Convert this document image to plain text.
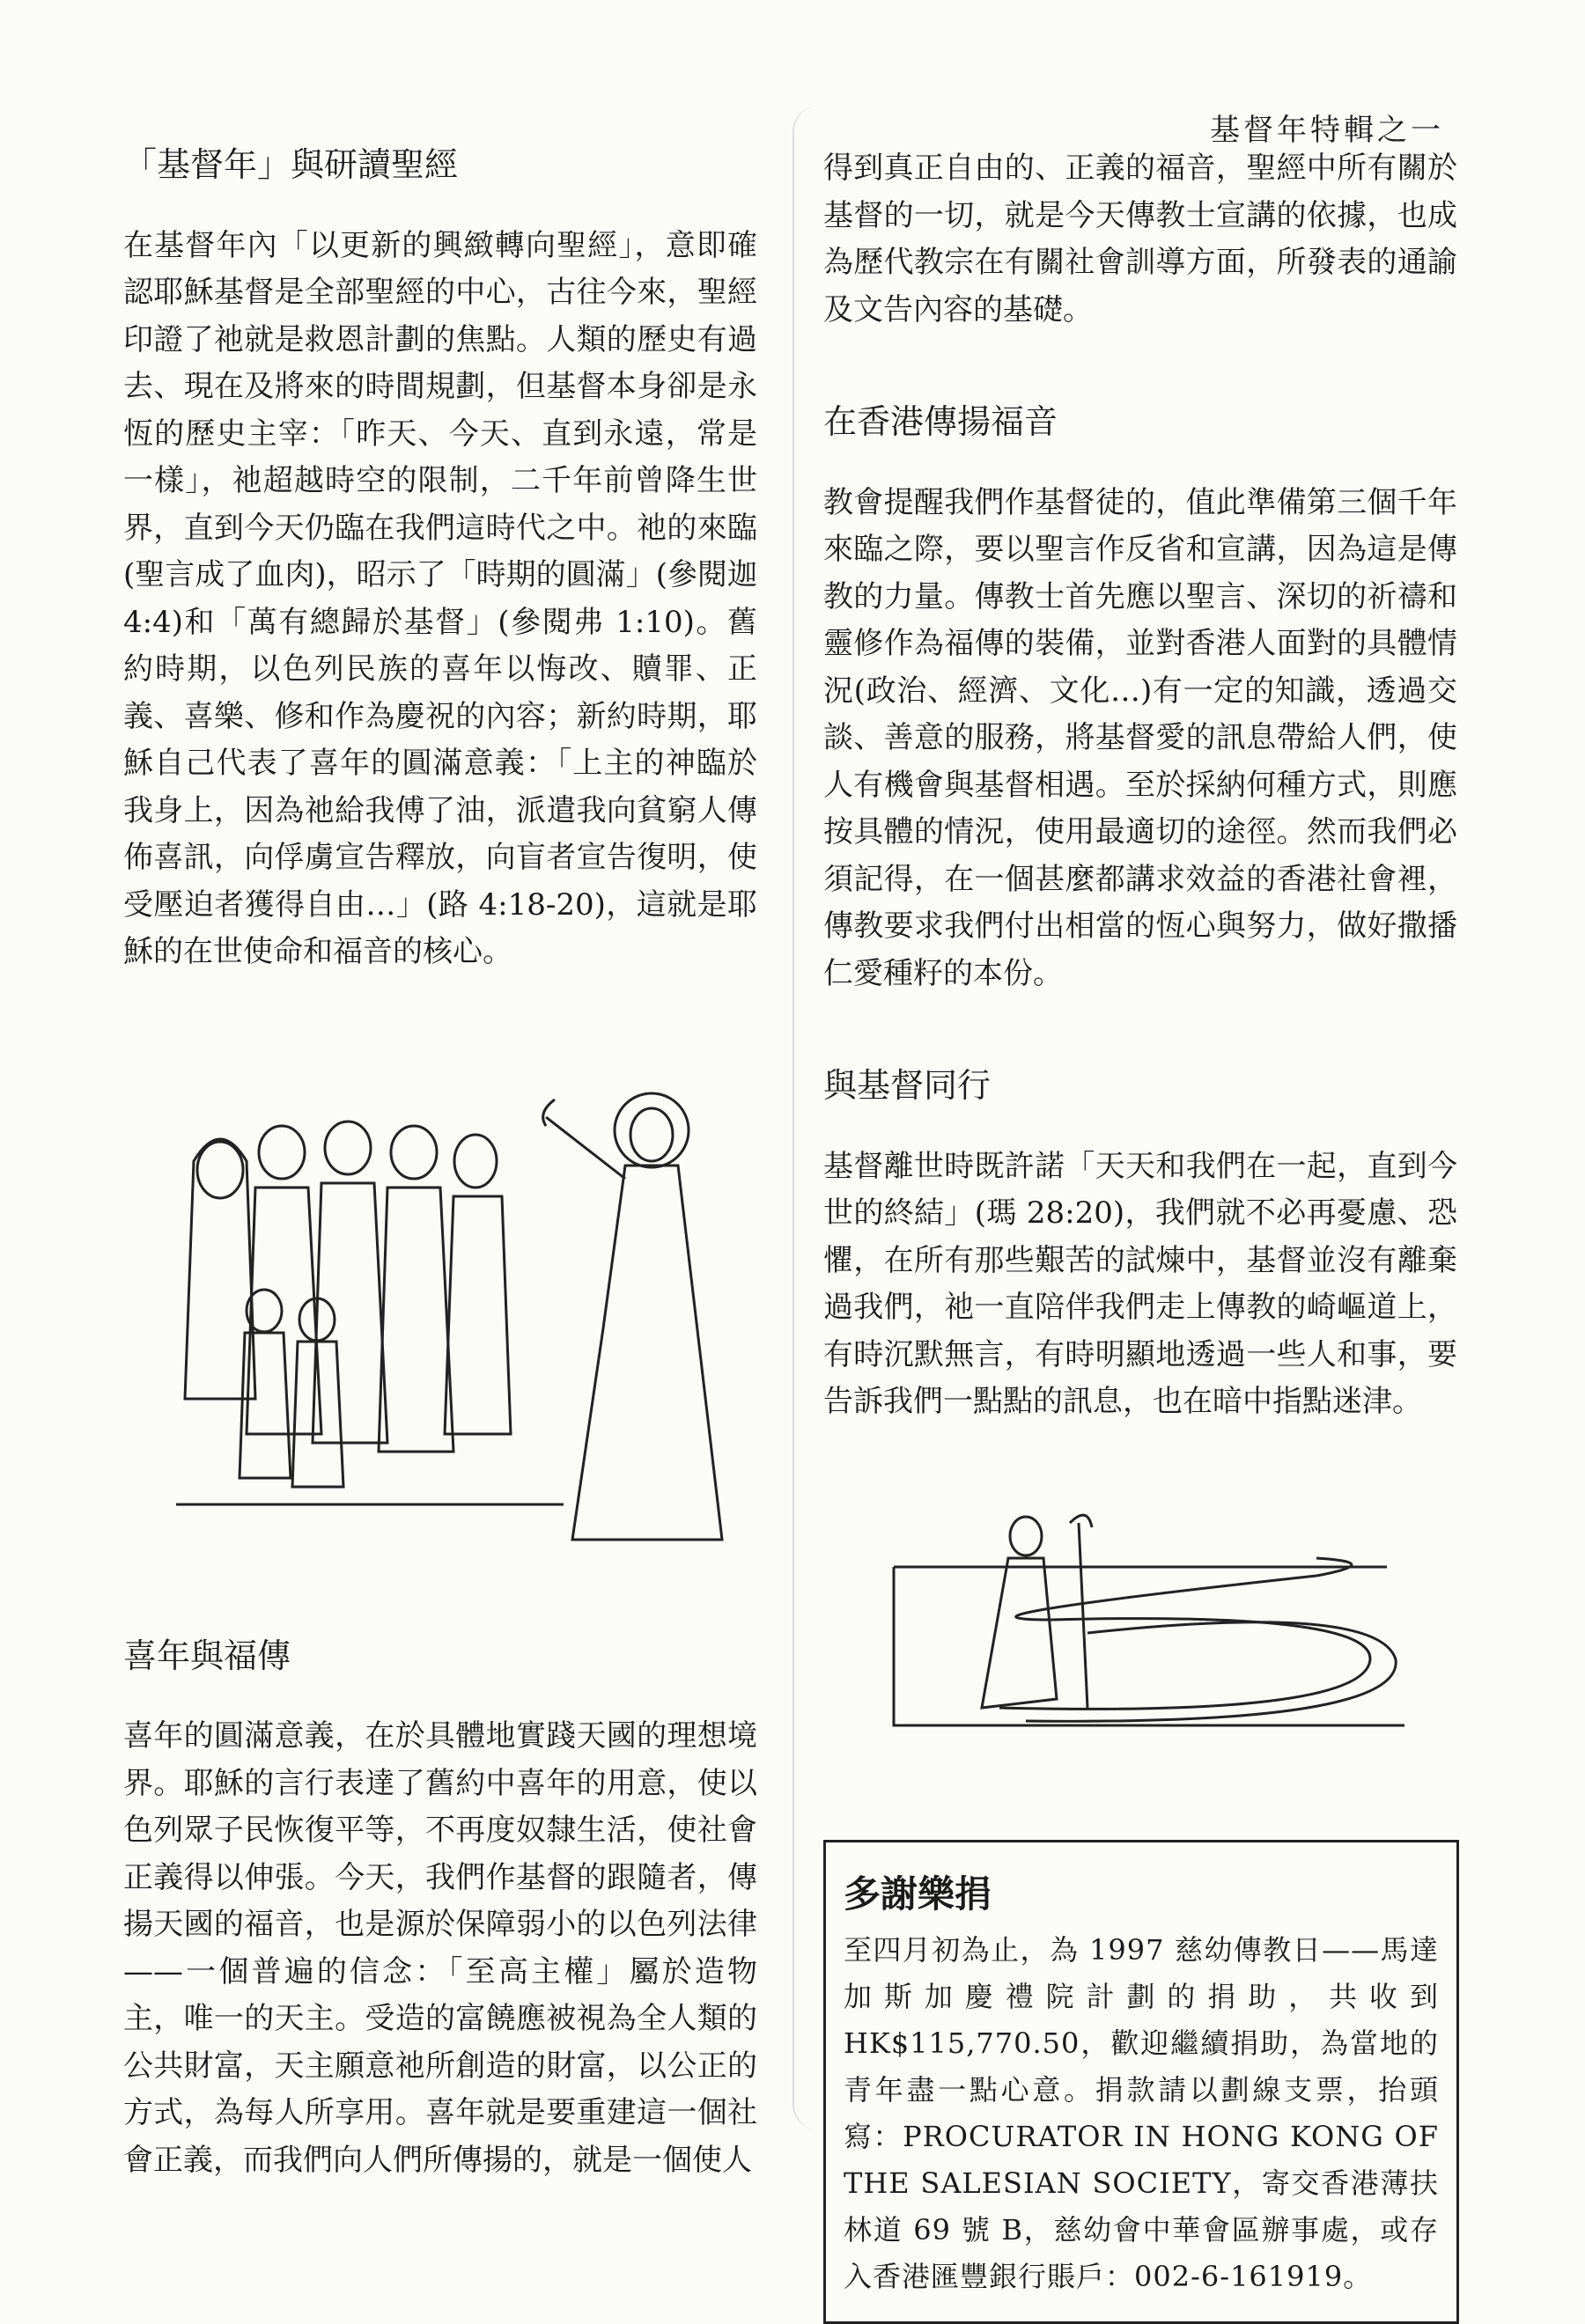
基督年特輯之一
「基督年」與研讀聖經

在基督年內「以更新的興緻轉向聖經」，意即確認耶穌基督是全部聖經的中心，古往今來，聖經印證了祂就是救恩計劃的焦點。人類的歷史有過去、現在及將來的時間規劃，但基督本身卻是永恆的歷史主宰：「昨天、今天、直到永遠，常是一樣」，祂超越時空的限制，二千年前曾降生世界，直到今天仍臨在我們這時代之中。祂的來臨(聖言成了血肉)，昭示了「時期的圓滿」(參閱迦 4:4)和「萬有總歸於基督」(參閱弗 1:10)。舊約時期，以色列民族的喜年以悔改、贖罪、正義、喜樂、修和作為慶祝的內容；新約時期，耶穌自己代表了喜年的圓滿意義：「上主的神臨於我身上，因為祂給我傅了油，派遣我向貧窮人傳佈喜訊，向俘虜宣告釋放，向盲者宣告復明，使受壓迫者獲得自由…」(路 4:18-20)，這就是耶穌的在世使命和福音的核心。

喜年與福傳

喜年的圓滿意義，在於具體地實踐天國的理想境界。耶穌的言行表達了舊約中喜年的用意，使以色列眾子民恢復平等，不再度奴隸生活，使社會正義得以伸張。今天，我們作基督的跟隨者，傳揚天國的福音，也是源於保障弱小的以色列法律——一個普遍的信念：「至高主權」屬於造物主，唯一的天主。受造的富饒應被視為全人類的公共財富，天主願意祂所創造的財富，以公正的方式，為每人所享用。喜年就是要重建這一個社會正義，而我們向人們所傳揚的，就是一個使人

得到真正自由的、正義的福音，聖經中所有關於基督的一切，就是今天傳教士宣講的依據，也成為歷代教宗在有關社會訓導方面，所發表的通諭及文告內容的基礎。

在香港傳揚福音

教會提醒我們作基督徒的，值此準備第三個千年來臨之際，要以聖言作反省和宣講，因為這是傳教的力量。傳教士首先應以聖言、深切的祈禱和靈修作為福傳的裝備，並對香港人面對的具體情況(政治、經濟、文化…)有一定的知識，透過交談、善意的服務，將基督愛的訊息帶給人們，使人有機會與基督相遇。至於採納何種方式，則應按具體的情況，使用最適切的途徑。然而我們必須記得，在一個甚麼都講求效益的香港社會裡，傳教要求我們付出相當的恆心與努力，做好撒播仁愛種籽的本份。

與基督同行

基督離世時既許諾「天天和我們在一起，直到今世的終結」(瑪 28:20)，我們就不必再憂慮、恐懼，在所有那些艱苦的試煉中，基督並沒有離棄過我們，祂一直陪伴我們走上傳教的崎嶇道上，有時沉默無言，有時明顯地透過一些人和事，要告訴我們一點點的訊息，也在暗中指點迷津。

多謝樂捐

至四月初為止，為 1997 慈幼傳教日——馬達加斯加慶禮院計劃的捐助，共收到 HK$115,770.50，歡迎繼續捐助，為當地的青年盡一點心意。捐款請以劃線支票，抬頭寫：PROCURATOR IN HONG KONG OF THE SALESIAN SOCIETY，寄交香港薄扶林道 69 號 B，慈幼會中華會區辦事處，或存入香港匯豐銀行賬戶：002-6-161919。
